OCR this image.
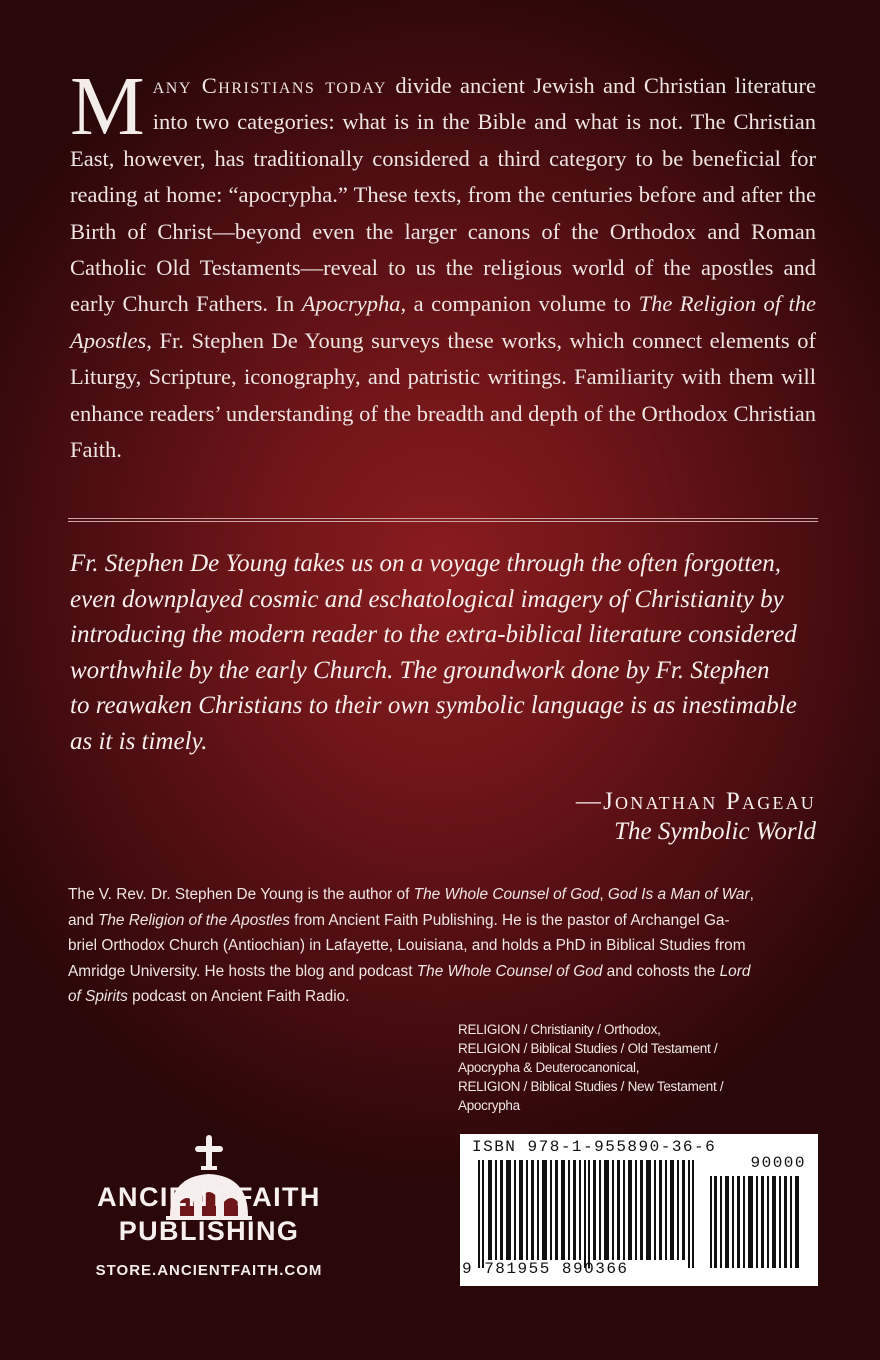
Many Christians today divide ancient Jewish and Christian literature into two categories: what is in the Bible and what is not. The Christian East, however, has traditionally considered a third category to be beneficial for reading at home: “apocrypha.” These texts, from the centuries before and after the Birth of Christ—beyond even the larger canons of the Orthodox and Roman Catholic Old Testaments—reveal to us the religious world of the apostles and early Church Fathers. In Apocrypha, a companion volume to The Religion of the Apostles, Fr. Stephen De Young surveys these works, which connect elements of Liturgy, Scripture, iconography, and patristic writings. Familiarity with them will enhance readers’ understanding of the breadth and depth of the Orthodox Christian Faith.
Fr. Stephen De Young takes us on a voyage through the often forgotten,
even downplayed cosmic and eschatological imagery of Christianity by
introducing the modern reader to the extra-biblical literature considered
worthwhile by the early Church. The groundwork done by Fr. Stephen
to reawaken Christians to their own symbolic language is as inestimable
as it is timely.
—Jonathan Pageau
The Symbolic World
The V. Rev. Dr. Stephen De Young is the author of The Whole Counsel of God, God Is a Man of War,
and The Religion of the Apostles from Ancient Faith Publishing. He is the pastor of Archangel Ga-
briel Orthodox Church (Antiochian) in Lafayette, Louisiana, and holds a PhD in Biblical Studies from
Amridge University. He hosts the blog and podcast The Whole Counsel of God and cohosts the Lord
of Spirits podcast on Ancient Faith Radio.
RELIGION / Christianity / Orthodox,
RELIGION / Biblical Studies / Old Testament /
Apocrypha & Deuterocanonical,
RELIGION / Biblical Studies / New Testament /
Apocrypha
ANCIENT FAITH
PUBLISHING
STORE.ANCIENTFAITH.COM
ISBN 978-1-955890-36-6
90000
9 781955 890366
